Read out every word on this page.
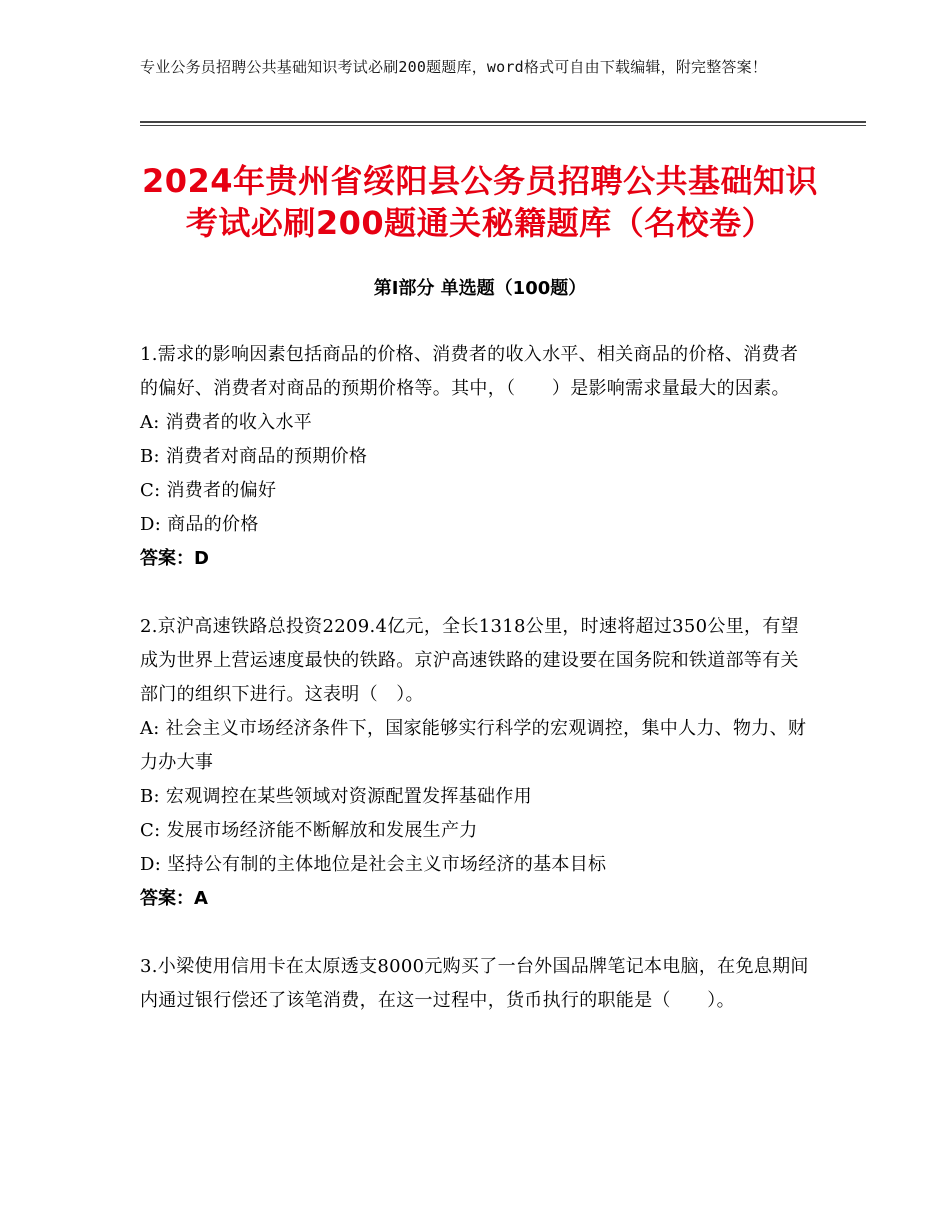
专业公务员招聘公共基础知识考试必刷200题题库，word格式可自由下载编辑，附完整答案！
2024年贵州省绥阳县公务员招聘公共基础知识考试必刷200题通关秘籍题库（名校卷）
第Ⅰ部分 单选题（100题）

1.需求的影响因素包括商品的价格、消费者的收入水平、相关商品的价格、消费者的偏好、消费者对商品的预期价格等。其中，（　　）是影响需求量最大的因素。

A: 消费者的收入水平

B: 消费者对商品的预期价格

C: 消费者的偏好

D: 商品的价格

答案：D

2.京沪高速铁路总投资2209.4亿元，全长1318公里，时速将超过350公里，有望成为世界上营运速度最快的铁路。京沪高速铁路的建设要在国务院和铁道部等有关部门的组织下进行。这表明（　）。

A: 社会主义市场经济条件下，国家能够实行科学的宏观调控，集中人力、物力、财力办大事

B: 宏观调控在某些领域对资源配置发挥基础作用

C: 发展市场经济能不断解放和发展生产力

D: 坚持公有制的主体地位是社会主义市场经济的基本目标

答案：A

3.小梁使用信用卡在太原透支8000元购买了一台外国品牌笔记本电脑，在免息期间内通过银行偿还了该笔消费，在这一过程中，货币执行的职能是（　　）。
